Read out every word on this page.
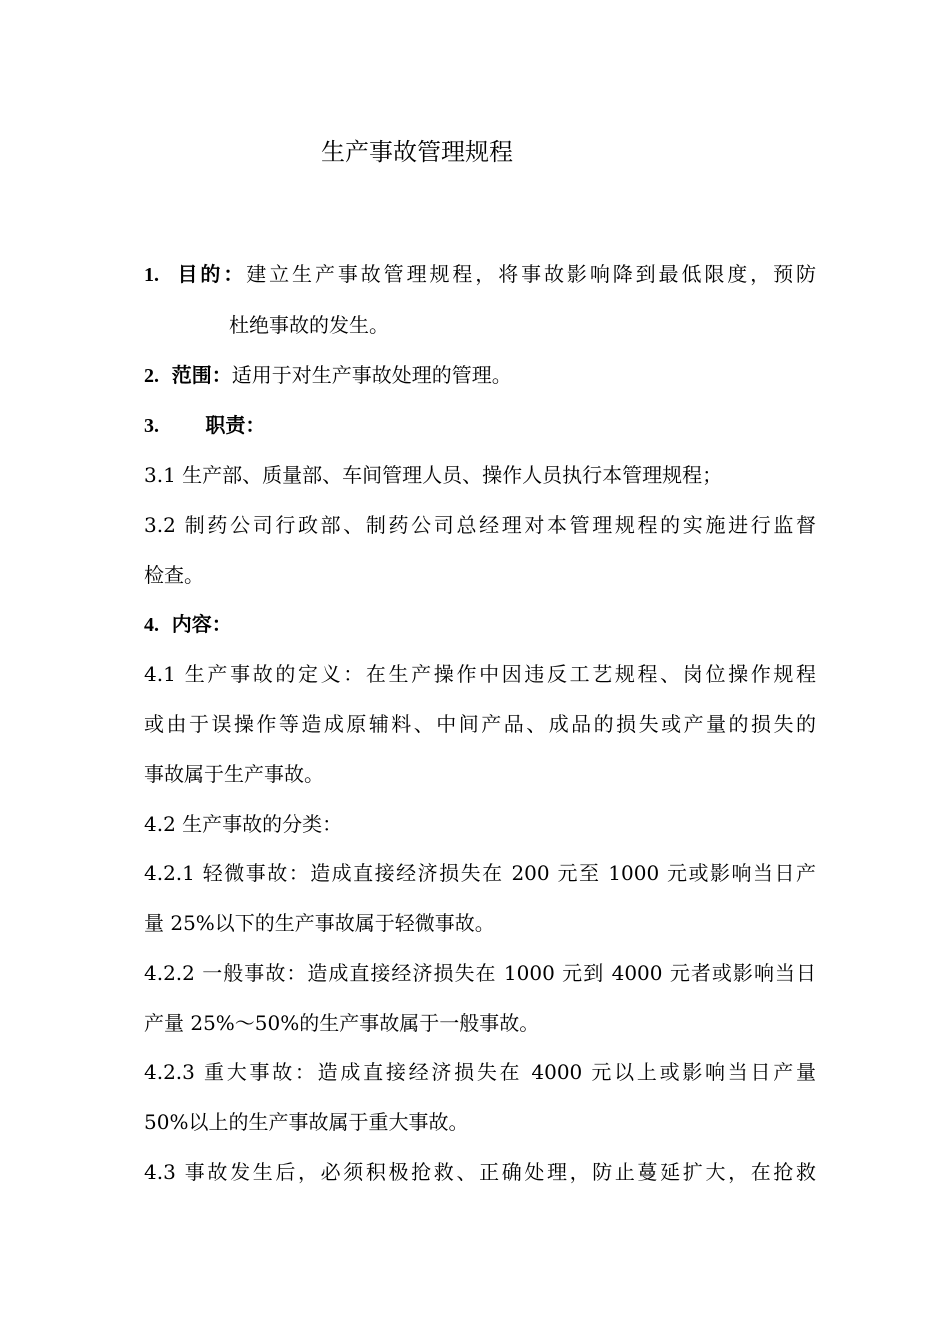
生产事故管理规程
1. 目的：建立生产事故管理规程，将事故影响降到最低限度，预防
杜绝事故的发生。
2. 范围：适用于对生产事故处理的管理。
3. 职责：
3.1 生产部、质量部、车间管理人员、操作人员执行本管理规程；
3.2 制药公司行政部、制药公司总经理对本管理规程的实施进行监督
检查。
4. 内容：
4.1 生产事故的定义：在生产操作中因违反工艺规程、岗位操作规程
或由于误操作等造成原辅料、中间产品、成品的损失或产量的损失的
事故属于生产事故。
4.2 生产事故的分类：
4.2.1 轻微事故：造成直接经济损失在 200 元至 1000 元或影响当日产
量 25%以下的生产事故属于轻微事故。
4.2.2 一般事故：造成直接经济损失在 1000 元到 4000 元者或影响当日
产量 25%～50%的生产事故属于一般事故。
4.2.3 重大事故：造成直接经济损失在 4000 元以上或影响当日产量
50%以上的生产事故属于重大事故。
4.3 事故发生后，必须积极抢救、正确处理，防止蔓延扩大，在抢救
